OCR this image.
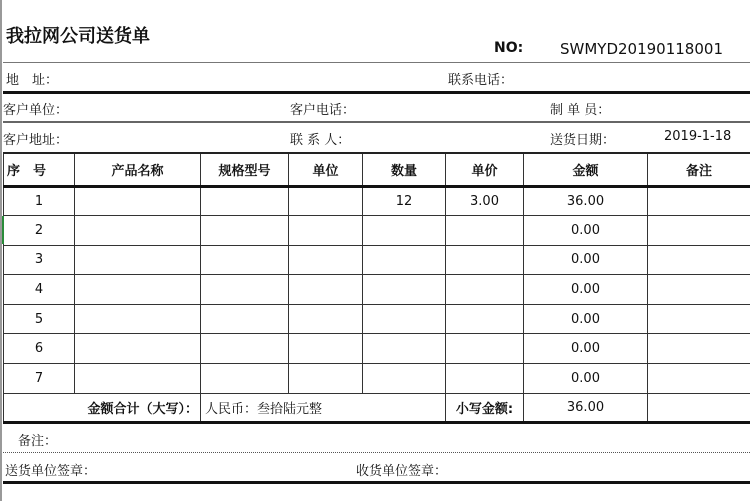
我拉网公司送货单
NO: SWMYD20190118001
地　址：	联系电话：
客户单位：	客户电话：	制 单 员：
客户地址：	联 系 人：	送货日期：	2019-1-18
序　号	产品名称	规格型号	单位	数量	单价	金额	备注
1				12	3.00	36.00	
2						0.00	
3						0.00	
4						0.00	
5						0.00	
6						0.00	
7						0.00	
金额合计（大写）：		人民币：叁拾陆元整			小写金额:	36.00	
备注：
送货单位签章：	收货单位签章：
